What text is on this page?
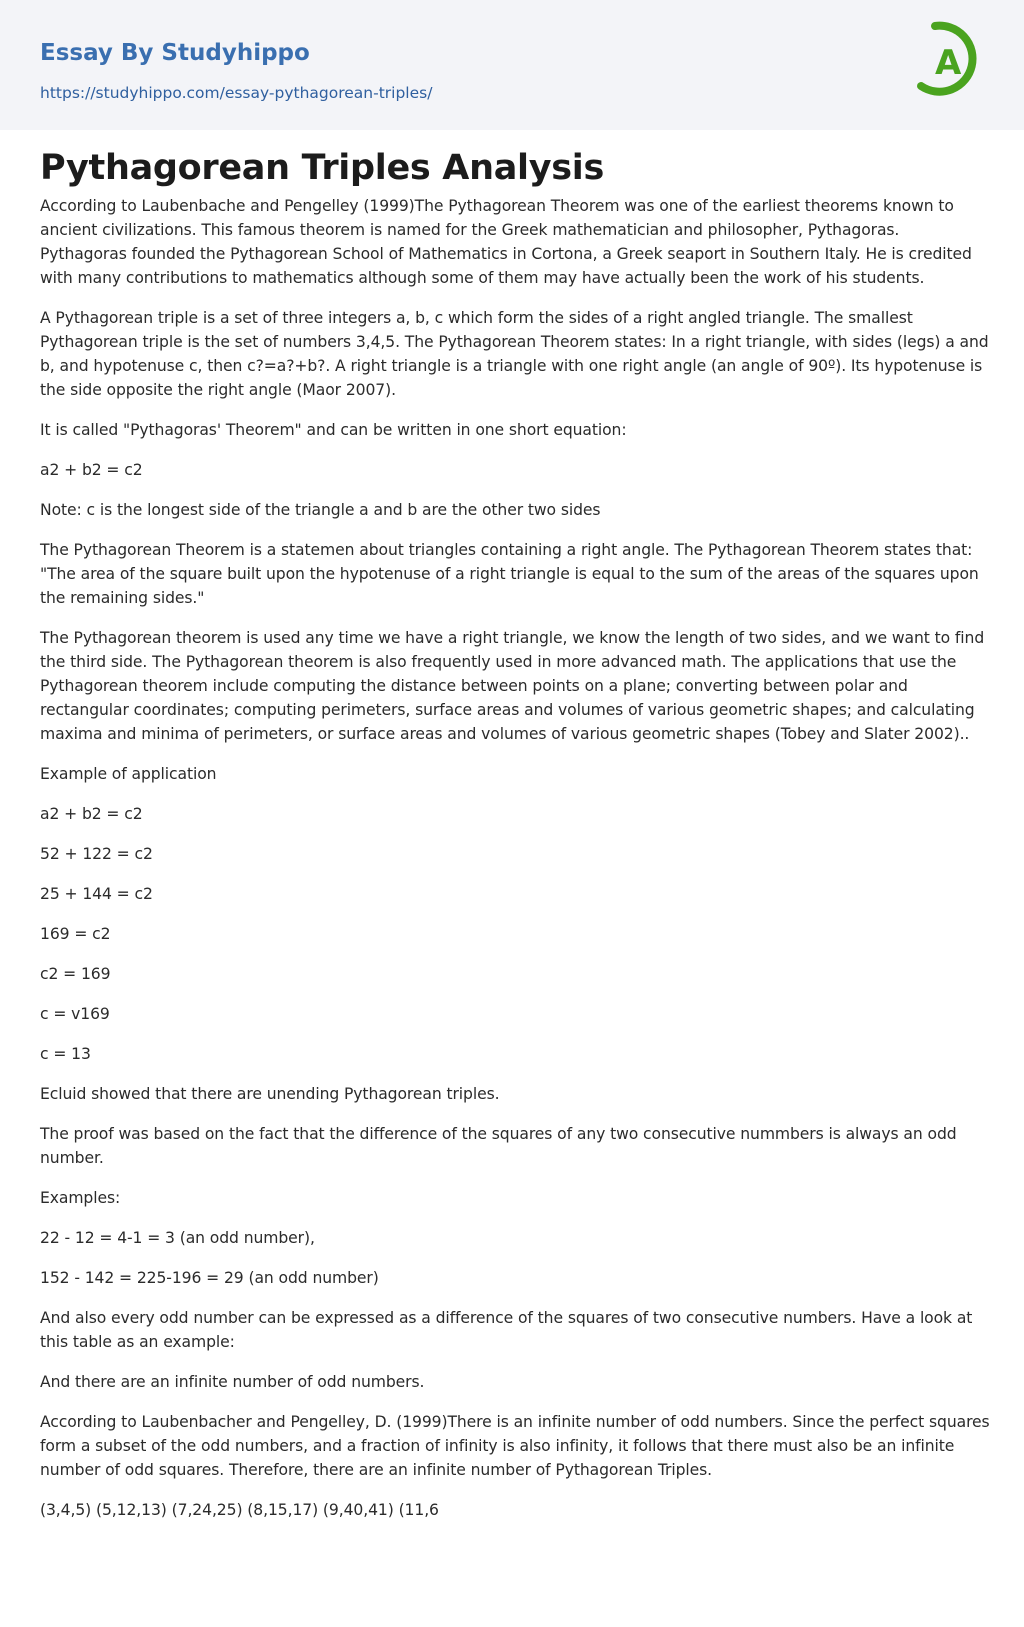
Essay By Studyhippo
https://studyhippo.com/essay-pythagorean-triples/
A
Pythagorean Triples Analysis

According to Laubenbache and Pengelley (1999)The Pythagorean Theorem was one of the earliest theorems known to ancient civilizations. This famous theorem is named for the Greek mathematician and philosopher, Pythagoras. Pythagoras founded the Pythagorean School of Mathematics in Cortona, a Greek seaport in Southern Italy. He is credited with many contributions to mathematics although some of them may have actually been the work of his students.

A Pythagorean triple is a set of three integers a, b, c which form the sides of a right angled triangle. The smallest Pythagorean triple is the set of numbers 3,4,5. The Pythagorean Theorem states: In a right triangle, with sides (legs) a and b, and hypotenuse c, then c?=a?+b?. A right triangle is a triangle with one right angle (an angle of 90º). Its hypotenuse is the side opposite the right angle (Maor 2007).

It is called "Pythagoras' Theorem" and can be written in one short equation:

a2 + b2 = c2

Note: c is the longest side of the triangle a and b are the other two sides

The Pythagorean Theorem is a statemen about triangles containing a right angle. The Pythagorean Theorem states that: "The area of the square built upon the hypotenuse of a right triangle is equal to the sum of the areas of the squares upon the remaining sides."

The Pythagorean theorem is used any time we have a right triangle, we know the length of two sides, and we want to find the third side. The Pythagorean theorem is also frequently used in more advanced math. The applications that use the Pythagorean theorem include computing the distance between points on a plane; converting between polar and rectangular coordinates; computing perimeters, surface areas and volumes of various geometric shapes; and calculating maxima and minima of perimeters, or surface areas and volumes of various geometric shapes (Tobey and Slater 2002)..

Example of application

a2 + b2 = c2

52 + 122 = c2

25 + 144 = c2

169 = c2

c2 = 169

c = v169

c = 13

Ecluid showed that there are unending Pythagorean triples.

The proof was based on the fact that the difference of the squares of any two consecutive nummbers is always an odd number.

Examples:

22 - 12 = 4-1 = 3 (an odd number),

152 - 142 = 225-196 = 29 (an odd number)

And also every odd number can be expressed as a difference of the squares of two consecutive numbers. Have a look at this table as an example:

And there are an infinite number of odd numbers.

According to Laubenbacher and Pengelley, D. (1999)There is an infinite number of odd numbers. Since the perfect squares form a subset of the odd numbers, and a fraction of infinity is also infinity, it follows that there must also be an infinite number of odd squares. Therefore, there are an infinite number of Pythagorean Triples.

(3,4,5) (5,12,13) (7,24,25) (8,15,17) (9,40,41) (11,6
